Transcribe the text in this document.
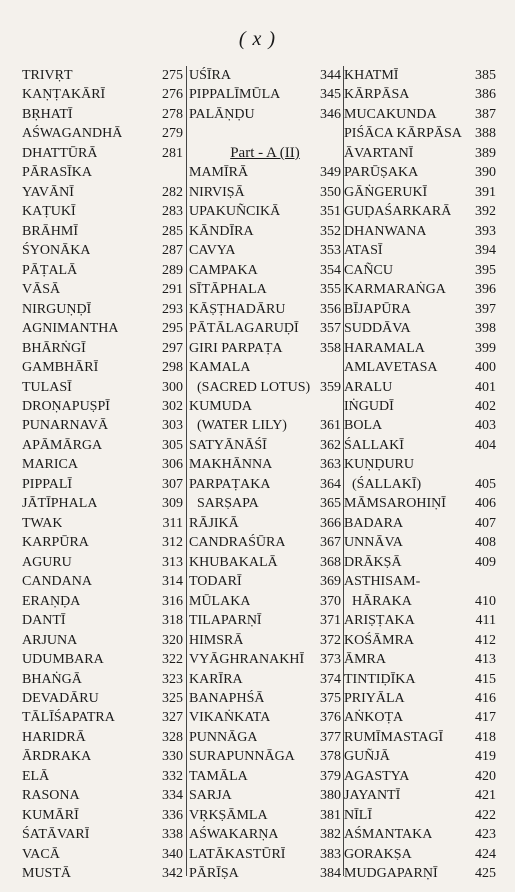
( x )
TRIVṚT	275
KAṆṬAKĀRĪ	276
BṚHATĪ	278
AŚWAGANDHĀ	279
DHATTŪRĀ	281
PĀRASĪKA
YAVĀNĪ	282
KAṬUKĪ	283
BRĀHMĪ	285
ŚYONĀKA	287
PĀṬALĀ	289
VĀSĀ	291
NIRGUṆḌĪ	293
AGNIMANTHA	295
BHĀRṄGĪ	297
GAMBHĀRĪ	298
TULASĪ	300
DROṆAPUṢPĪ	302
PUNARNAVĀ	303
APĀMĀRGA	305
MARICA	306
PIPPALĪ	307
JĀTĪPHALA	309
TWAK	311
KARPŪRA	312
AGURU	313
CANDANA	314
ERAṆḌA	316
DANTĪ	318
ARJUNA	320
UDUMBARA	322
BHAṄGĀ	323
DEVADĀRU	325
TĀLĪŚAPATRA	327
HARIDRĀ	328
ĀRDRAKA	330
ELĀ	332
RASONA	334
KUMĀRĪ	336
ŚATĀVARĪ	338
VACĀ	340
MUSTĀ	342
UŚĪRA	344
PIPPALĪMŪLA	345
PALĀṆḌU	346
Part - A (II)
MAMĪRĀ	349
NIRVIṢĀ	350
UPAKUÑCIKĀ	351
KĀNDĪRA	352
CAVYA	353
CAMPAKA	354
SĪTĀPHALA	355
KĀṢṬHADĀRU 356
PĀTĀLAGARUḌĪ 357
GIRI PARPAṬA	358
KAMALA
(SACRED LOTUS) 359
KUMUDA
(WATER LILY) 361
SATYĀNĀŚĪ	362
MAKHĀNNA	363
PARPAṬAKA	364
SARṢAPA	365
RĀJIKĀ	366
CANDRAŚŪRA 367
KHUBAKALĀ	368
TODARĪ	369
MŪLAKA	370
TILAPARṆĪ	371
HIMSRĀ	372
VYĀGHRANAKHĪ 373
KARĪRA	374
BANAPHŚĀ	375
VIKAṄKATA	376
PUNNĀGA	377
SURAPUNNĀGA 378
TAMĀLA	379
SARJA	380
VṚKṢĀMLA	381
AŚWAKARṆA	382
LATĀKASTŪRĪ 383
PĀRĪṢA	384
KHATMĪ	385
KĀRPĀSA	386
MUCAKUNDA	387
PIŚĀCA KĀRPĀSA 388
ĀVARTANĪ	389
PARŪṢAKA	390
GĀṄGERUKĪ	391
GUḌAŚARKARĀ 392
DHANWANA	393
ATASĪ	394
CAÑCU	395
KARMARAṄGA 396
BĪJAPŪRA	397
SUDDĀVA	398
HARAMALA	399
AMLAVETASA	400
ARALU	401
IṄGUDĪ	402
BOLA	403
ŚALLAKĪ	404
KUṆḌURU
(ŚALLAKĪ)	405
MĀMSAROHIṆĪ 406
BADARA	407
UNNĀVA	408
DRĀKṢĀ	409
ASTHISAM-
HĀRAKA	410
ARIṢṬAKA	411
KOŚĀMRA	412
ĀMRA	413
TINTIḌĪKA	415
PRIYĀLA	416
AṄKOṬA	417
RUMĪMASTAGĪ 418
GUÑJĀ	419
AGASTYA	420
JAYANTĪ	421
NĪLĪ	422
AŚMANTAKA	423
GORAKṢA	424
MUDGAPARṆĪ	425
